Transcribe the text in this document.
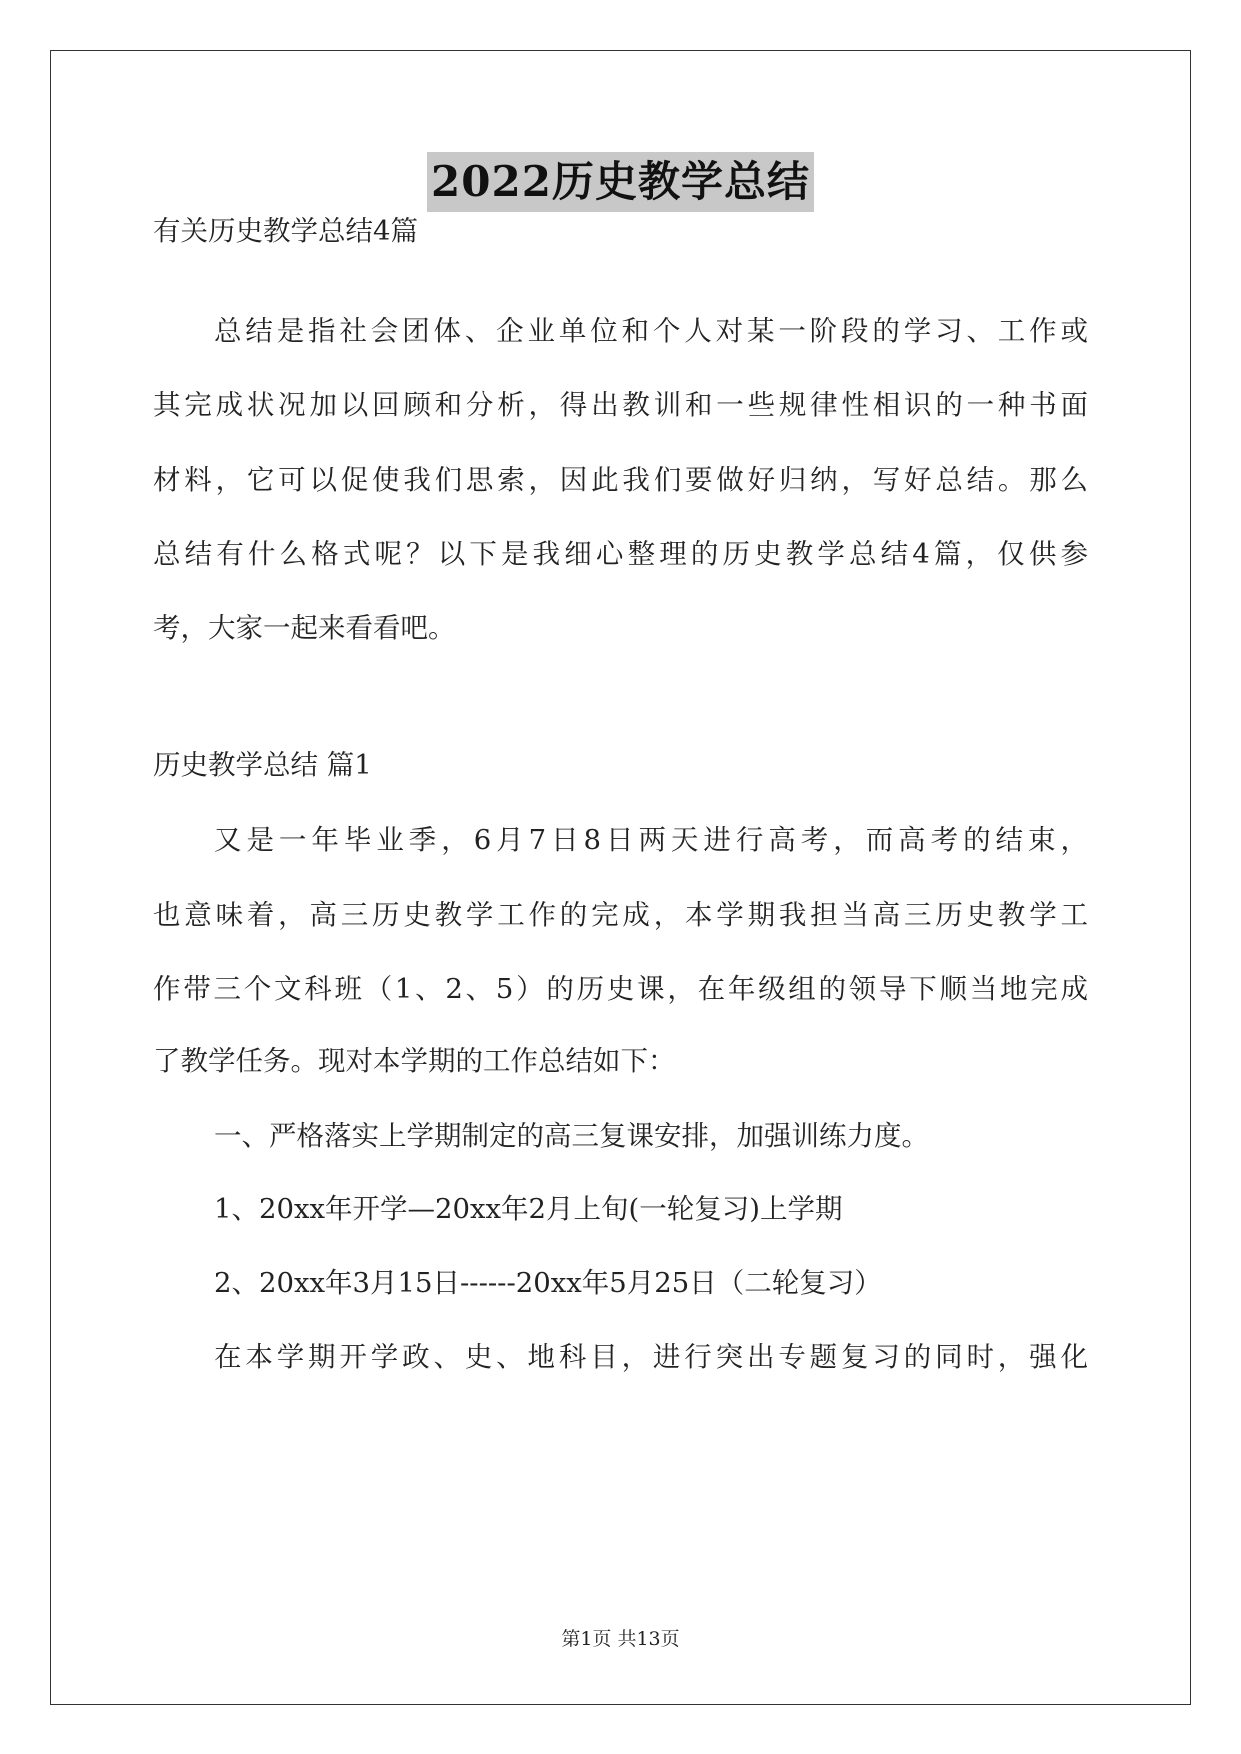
2022历史教学总结
有关历史教学总结4篇
总结是指社会团体、企业单位和个人对某一阶段的学习、工作或
其完成状况加以回顾和分析，得出教训和一些规律性相识的一种书面
材料，它可以促使我们思索，因此我们要做好归纳，写好总结。那么
总结有什么格式呢？以下是我细心整理的历史教学总结4篇，仅供参
考，大家一起来看看吧。
历史教学总结 篇1
又是一年毕业季，6月7日8日两天进行高考，而高考的结束，
也意味着，高三历史教学工作的完成，本学期我担当高三历史教学工
作带三个文科班（1、2、5）的历史课，在年级组的领导下顺当地完成
了教学任务。现对本学期的工作总结如下：
一、严格落实上学期制定的高三复课安排，加强训练力度。
1、20xx年开学—20xx年2月上旬(一轮复习)上学期
2、20xx年3月15日------20xx年5月25日（二轮复习）
在本学期开学政、史、地科目，进行突出专题复习的同时，强化
第1页 共13页
